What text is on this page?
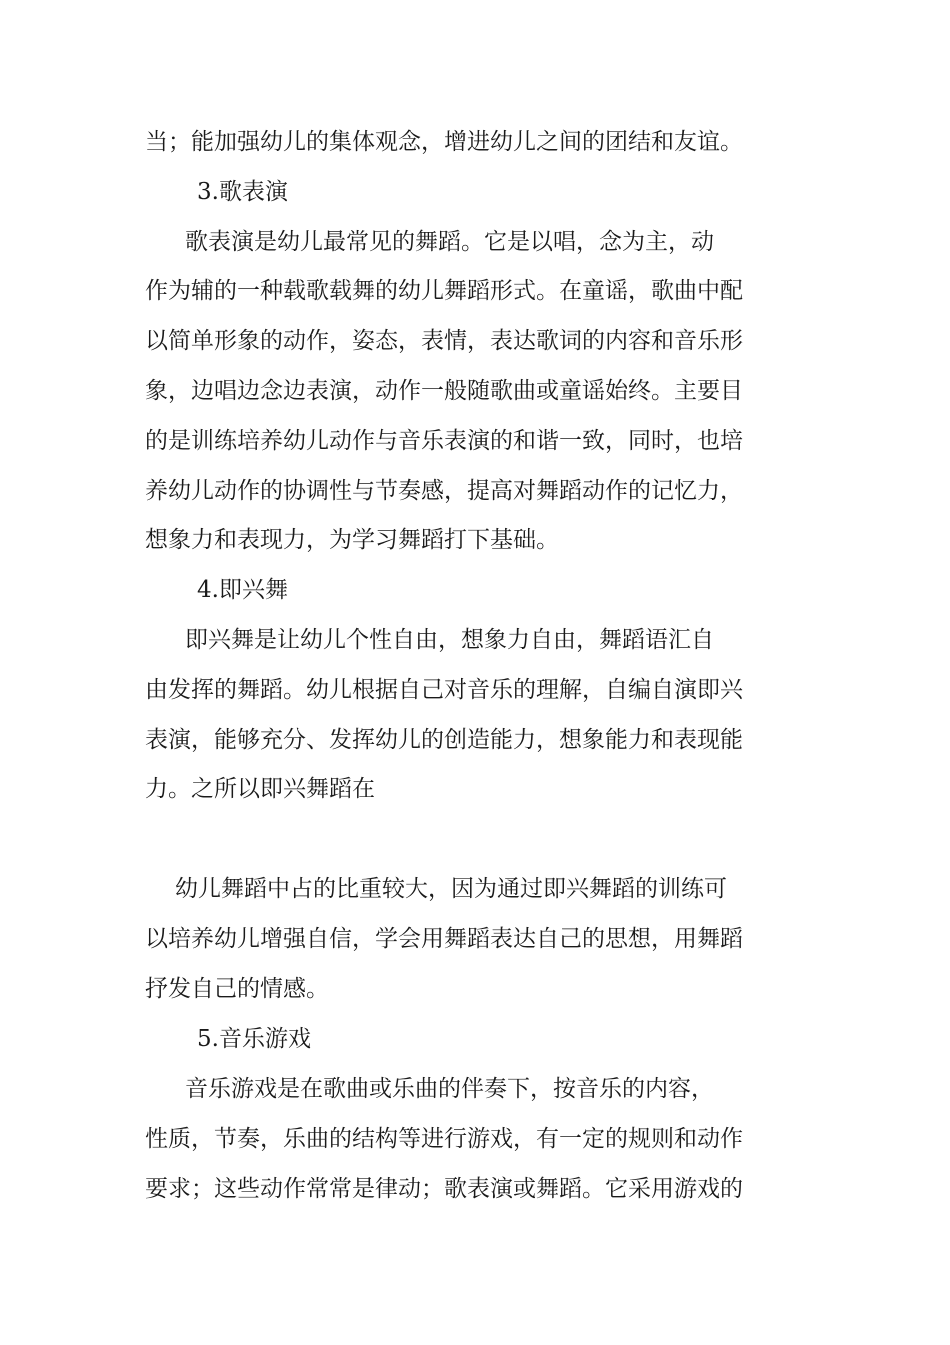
当；能加强幼儿的集体观念，增进幼儿之间的团结和友谊。

3.歌表演

歌表演是幼儿最常见的舞蹈。它是以唱，念为主，动

作为辅的一种载歌载舞的幼儿舞蹈形式。在童谣，歌曲中配

以简单形象的动作，姿态，表情，表达歌词的内容和音乐形

象，边唱边念边表演，动作一般随歌曲或童谣始终。主要目

的是训练培养幼儿动作与音乐表演的和谐一致，同时，也培

养幼儿动作的协调性与节奏感，提高对舞蹈动作的记忆力，

想象力和表现力，为学习舞蹈打下基础。

4.即兴舞

即兴舞是让幼儿个性自由，想象力自由，舞蹈语汇自

由发挥的舞蹈。幼儿根据自己对音乐的理解，自编自演即兴

表演，能够充分、发挥幼儿的创造能力，想象能力和表现能

力。之所以即兴舞蹈在

幼儿舞蹈中占的比重较大，因为通过即兴舞蹈的训练可

以培养幼儿增强自信，学会用舞蹈表达自己的思想，用舞蹈

抒发自己的情感。

5.音乐游戏

音乐游戏是在歌曲或乐曲的伴奏下，按音乐的内容，

性质，节奏，乐曲的结构等进行游戏，有一定的规则和动作

要求；这些动作常常是律动；歌表演或舞蹈。它采用游戏的
